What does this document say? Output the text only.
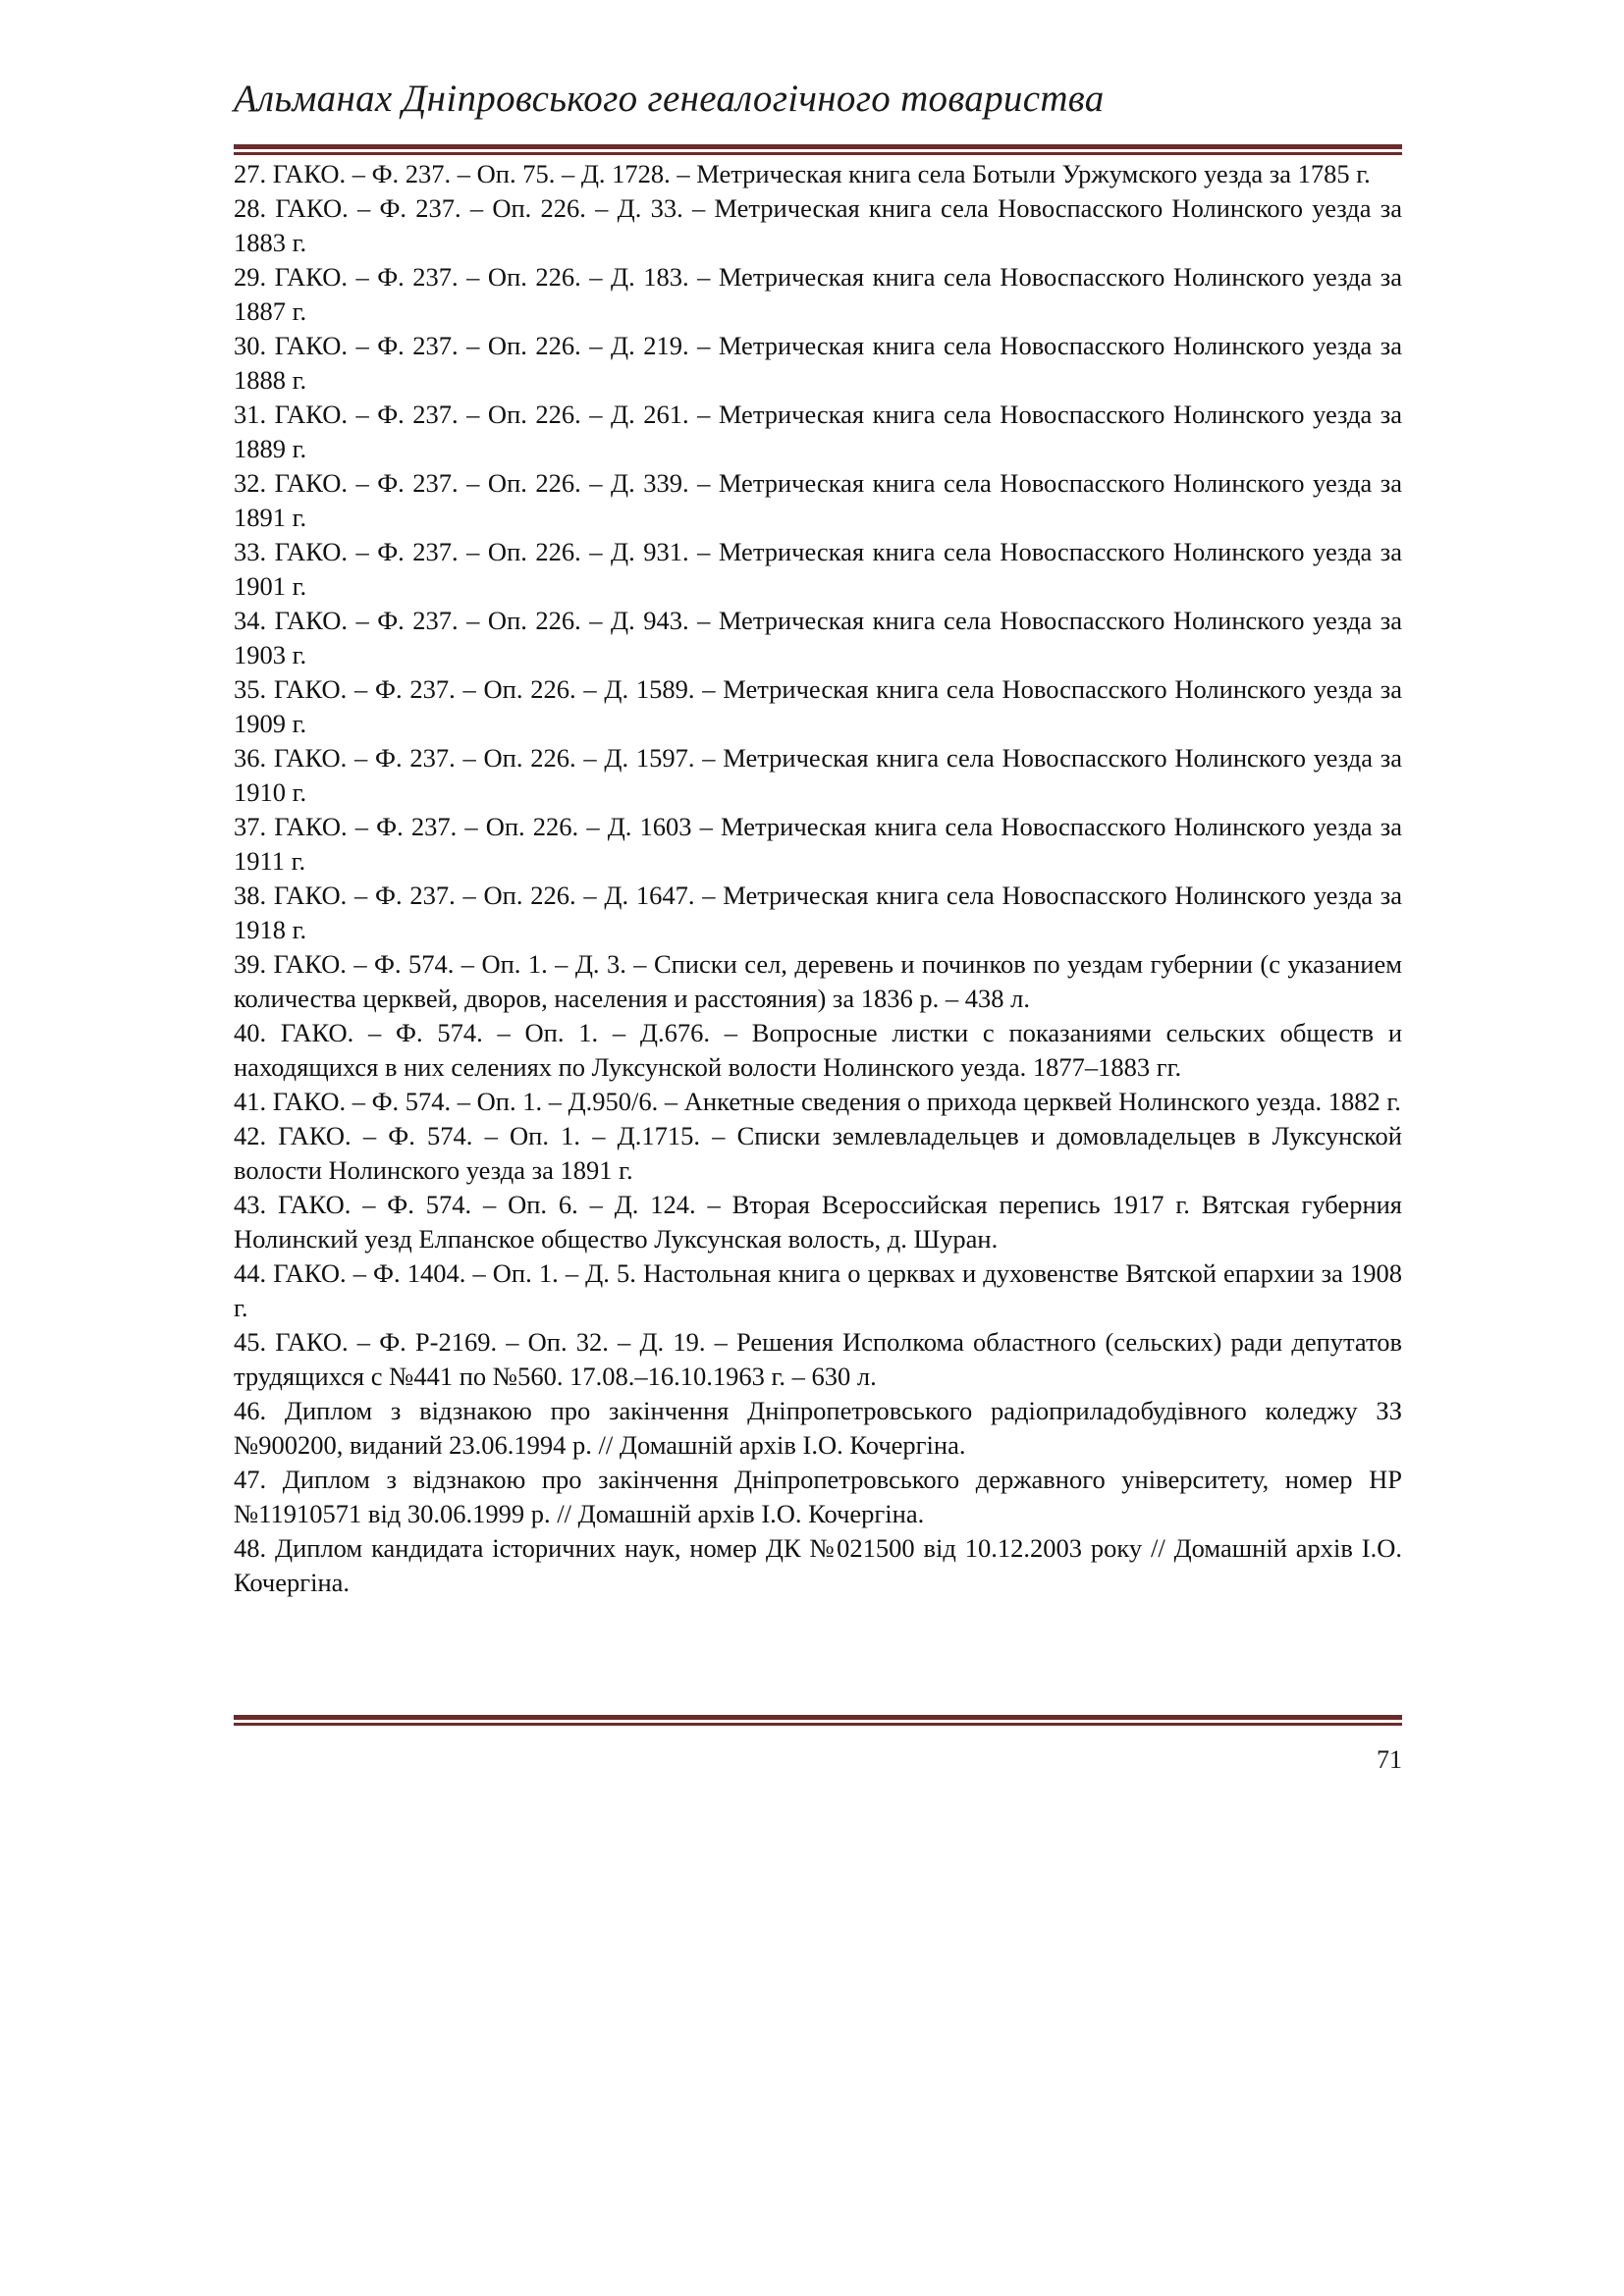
Альманах Дніпровського генеалогічного товариства
27. ГАКО. – Ф. 237. – Оп. 75. – Д. 1728. – Метрическая книга села Ботыли Уржумского уезда за 1785 г.
28. ГАКО. – Ф. 237. – Оп. 226. – Д. 33. – Метрическая книга села Новоспасского Нолинского уезда за 1883 г.
29. ГАКО. – Ф. 237. – Оп. 226. – Д. 183. – Метрическая книга села Новоспасского Нолинского уезда за 1887 г.
30. ГАКО. – Ф. 237. – Оп. 226. – Д. 219. – Метрическая книга села Новоспасского Нолинского уезда за 1888 г.
31. ГАКО. – Ф. 237. – Оп. 226. – Д. 261. – Метрическая книга села Новоспасского Нолинского уезда за 1889 г.
32. ГАКО. – Ф. 237. – Оп. 226. – Д. 339. – Метрическая книга села Новоспасского Нолинского уезда за 1891 г.
33. ГАКО. – Ф. 237. – Оп. 226. – Д. 931. – Метрическая книга села Новоспасского Нолинского уезда за 1901 г.
34. ГАКО. – Ф. 237. – Оп. 226. – Д. 943. – Метрическая книга села Новоспасского Нолинского уезда за 1903 г.
35. ГАКО. – Ф. 237. – Оп. 226. – Д. 1589. – Метрическая книга села Новоспасского Нолинского уезда за 1909 г.
36. ГАКО. – Ф. 237. – Оп. 226. – Д. 1597. – Метрическая книга села Новоспасского Нолинского уезда за 1910 г.
37. ГАКО. – Ф. 237. – Оп. 226. – Д. 1603 – Метрическая книга села Новоспасского Нолинского уезда за 1911 г.
38. ГАКО. – Ф. 237. – Оп. 226. – Д. 1647. – Метрическая книга села Новоспасского Нолинского уезда за 1918 г.
39. ГАКО. – Ф. 574. – Оп. 1. – Д. 3. – Списки сел, деревень и починков по уездам губернии (с указанием количества церквей, дворов, населения и расстояния) за 1836 р. – 438 л.
40. ГАКО. – Ф. 574. – Оп. 1. – Д.676. – Вопросные листки с показаниями сельских обществ и находящихся в них селениях по Луксунской волости Нолинского уезда. 1877–1883 гг.
41. ГАКО. – Ф. 574. – Оп. 1. – Д.950/6. – Анкетные сведения о прихода церквей Нолинского уезда. 1882 г.
42. ГАКО. – Ф. 574. – Оп. 1. – Д.1715. – Списки землевладельцев и домовладельцев в Луксунской волости Нолинского уезда за 1891 г.
43. ГАКО. – Ф. 574. – Оп. 6. – Д. 124. – Вторая Всероссийская перепись 1917 г. Вятская губерния Нолинский уезд Елпанское общество Луксунская волость, д. Шуран.
44. ГАКО. – Ф. 1404. – Оп. 1. – Д. 5. Настольная книга о церквах и духовенстве Вятской епархии за 1908 г.
45. ГАКО. – Ф. Р-2169. – Оп. 32. – Д. 19. – Решения Исполкома областного (сельских) ради депутатов трудящихся с №441 по №560. 17.08.–16.10.1963 г. – 630 л.
46. Диплом з відзнакою про закінчення Дніпропетровського радіоприладобудівного коледжу ЗЗ №900200, виданий 23.06.1994 р. // Домашній архів І.О. Кочергіна.
47. Диплом з відзнакою про закінчення Дніпропетровського державного університету, номер НР №11910571 від 30.06.1999 р. // Домашній архів І.О. Кочергіна.
48. Диплом кандидата історичних наук, номер ДК №021500 від 10.12.2003 року // Домашній архів І.О. Кочергіна.
71
